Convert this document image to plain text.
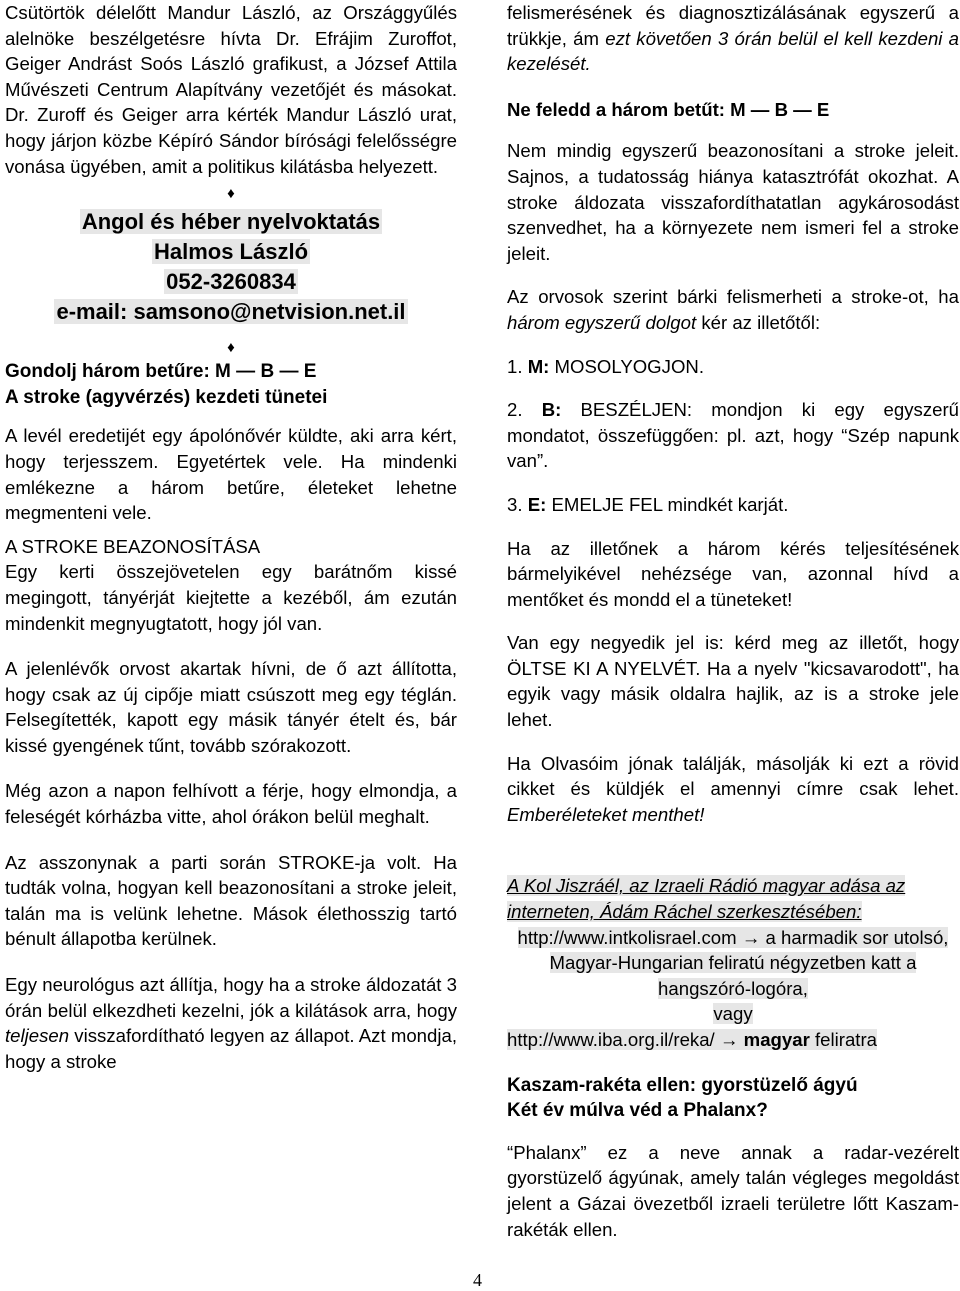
Csütörtök délelőtt Mandur László, az Országgyűlés alelnöke beszélgetésre hívta Dr. Efrájim Zuroffot, Geiger Andrást Soós László grafikust, a József Attila Művészeti Centrum Alapítvány vezetőjét és másokat. Dr. Zuroff és Geiger arra kérték Mandur László urat, hogy járjon közbe Képíró Sándor bírósági felelősségre vonása ügyében, amit a politikus kilátásba helyezett.

♦
Angol és héber nyelvoktatás
Halmos László
052-3260834
e-mail: samsono@netvision.net.il
♦
Gondolj három betűre: M — B — E
A stroke (agyvérzés) kezdeti tünetei

A levél eredetijét egy ápolónővér küldte, aki arra kért, hogy terjesszem. Egyetértek vele. Ha mindenki emlékezne a három betűre, életeket lehetne megmenteni vele.

A STROKE BEAZONOSÍTÁSA

Egy kerti összejövetelen egy barátnőm kissé megingott, tányérját kiejtette a kezéből, ám ezután mindenkit megnyugtatott, hogy jól van.

A jelenlévők orvost akartak hívni, de ő azt állította, hogy csak az új cipője miatt csúszott meg egy téglán. Felsegítették, kapott egy másik tányér ételt és, bár kissé gyengének tűnt, tovább szórakozott.

Még azon a napon felhívott a férje, hogy elmondja, a feleségét kórházba vitte, ahol órákon belül meghalt.

Az asszonynak a parti során STROKE-ja volt. Ha tudták volna, hogyan kell beazonosítani a stroke jeleit, talán ma is velünk lehetne. Mások élethosszig tartó bénult állapotba kerülnek.

Egy neurológus azt állítja, hogy ha a stroke áldozatát 3 órán belül elkezdheti kezelni, jók a kilátások arra, hogy teljesen visszafordítható legyen az állapot. Azt mondja, hogy a stroke

felismerésének és diagnosztizálásának egyszerű a trükkje, ám ezt követően 3 órán belül el kell kezdeni a kezelését.

Ne feledd a három betűt: M — B — E

Nem mindig egyszerű beazonosítani a stroke jeleit. Sajnos, a tudatosság hiánya katasztrófát okozhat. A stroke áldozata visszafordíthatatlan agykárosodást szenvedhet, ha a környezete nem ismeri fel a stroke jeleit.

Az orvosok szerint bárki felismerheti a stroke-ot, ha három egyszerű dolgot kér az illetőtől:

1. M: MOSOLYOGJON.

2. B: BESZÉLJEN: mondjon ki egy egyszerű mondatot, összefüggően: pl. azt, hogy “Szép napunk van”.

3. E: EMELJE FEL mindkét karját.

Ha az illetőnek a három kérés teljesítésének bármelyikével nehézsége van, azonnal hívd a mentőket és mondd el a tüneteket!

Van egy negyedik jel is: kérd meg az illetőt, hogy ÖLTSE KI A NYELVÉT. Ha a nyelv "kicsavarodott", ha egyik vagy másik oldalra hajlik, az is a stroke jele lehet.

Ha Olvasóim jónak találják, másolják ki ezt a rövid cikket és küldjék el amennyi címre csak lehet. Emberéleteket menthet!

A Kol Jiszráél, az Izraeli Rádió magyar adása az interneten, Ádám Ráchel szerkesztésében:

http://www.intkolisrael.com → a harmadik sor utolsó, Magyar-Hungarian feliratú négyzetben katt a hangszóró-logóra,

vagy

http://www.iba.org.il/reka/ → magyar feliratra

Kaszam-rakéta ellen: gyorstüzelő ágyú

Két év múlva véd a Phalanx?

“Phalanx” ez a neve annak a radar-vezérelt gyorstüzelő ágyúnak, amely talán végleges megoldást jelent a Gázai övezetből izraeli területre lőtt Kaszam-rakéták ellen.

4
